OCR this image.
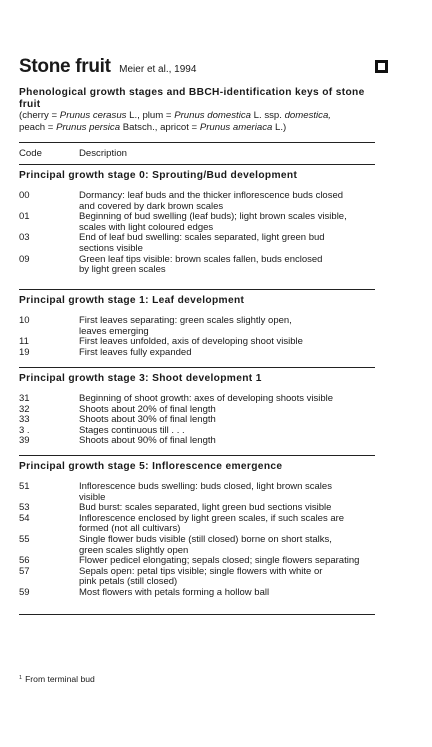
Stone fruit Meier et al., 1994
Phenological growth stages and BBCH-identification keys of stone fruit
(cherry = Prunus cerasus L., plum = Prunus domestica L. ssp. domestica,
peach = Prunus persica Batsch., apricot = Prunus ameriaca L.)
Code	Description
Principal growth stage 0: Sprouting/Bud development
00	Dormancy: leaf buds and the thicker inflorescence buds closed
and covered by dark brown scales
01	Beginning of bud swelling (leaf buds); light brown scales visible,
scales with light coloured edges
03	End of leaf bud swelling: scales separated, light green bud
sections visible
09	Green leaf tips visible: brown scales fallen, buds enclosed
by light green scales
Principal growth stage 1: Leaf development
10	First leaves separating: green scales slightly open,
leaves emerging
11	First leaves unfolded, axis of developing shoot visible
19	First leaves fully expanded
Principal growth stage 3: Shoot development 1
31	Beginning of shoot growth: axes of developing shoots visible
32	Shoots about 20% of final length
33	Shoots about 30% of final length
3 .	Stages continuous till . . .
39	Shoots about 90% of final length
Principal growth stage 5: Inflorescence emergence
51	Inflorescence buds swelling: buds closed, light brown scales
visible
53	Bud burst: scales separated, light green bud sections visible
54	Inflorescence enclosed by light green scales, if such scales are
formed (not all cultivars)
55	Single flower buds visible (still closed) borne on short stalks,
green scales slightly open
56	Flower pedicel elongating; sepals closed; single flowers separating
57	Sepals open: petal tips visible; single flowers with white or
pink petals (still closed)
59	Most flowers with petals forming a hollow ball
$^1$ From terminal bud
